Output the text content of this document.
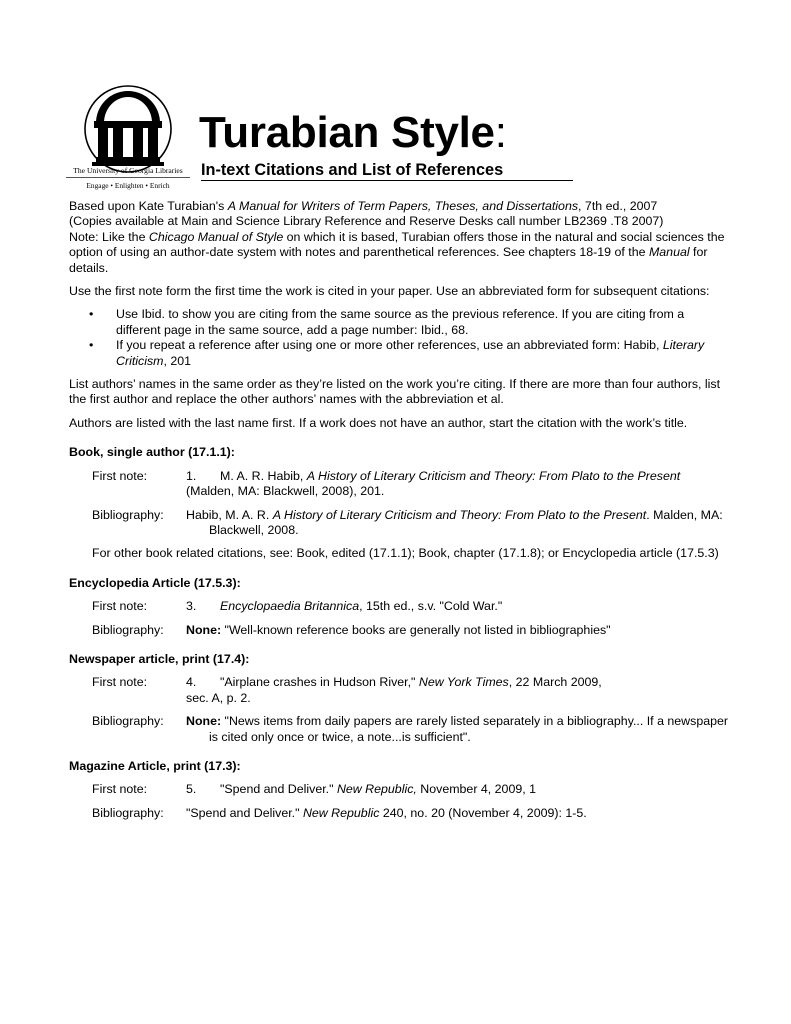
The University of Georgia Libraries
Engage • Enlighten • Enrich
Turabian Style:
In-text Citations and List of References

Based upon Kate Turabian's A Manual for Writers of Term Papers, Theses, and Dissertations, 7th ed., 2007
(Copies available at Main and Science Library Reference and Reserve Desks call number LB2369 .T8 2007)
Note: Like the Chicago Manual of Style on which it is based, Turabian offers those in the natural and social sciences the option of using an author-date system with notes and parenthetical references. See chapters 18-19 of the Manual for details.

Use the first note form the first time the work is cited in your paper. Use an abbreviated form for subsequent citations:

• Use Ibid. to show you are citing from the same source as the previous reference. If you are citing from a different page in the same source, add a page number: Ibid., 68.
• If you repeat a reference after using one or more other references, use an abbreviated form: Habib, Literary Criticism, 201

List authors’ names in the same order as they’re listed on the work you’re citing. If there are more than four authors, list the first author and replace the other authors’ names with the abbreviation et al.

Authors are listed with the last name first. If a work does not have an author, start the citation with the work’s title.

Book, single author (17.1.1):
First note:	1. M. A. R. Habib, A History of Literary Criticism and Theory: From Plato to the Present (Malden, MA: Blackwell, 2008), 201.
Bibliography:	Habib, M. A. R. A History of Literary Criticism and Theory: From Plato to the Present. Malden, MA: Blackwell, 2008.

For other book related citations, see: Book, edited (17.1.1); Book, chapter (17.1.8); or Encyclopedia article (17.5.3)

Encyclopedia Article (17.5.3):
First note:	3. Encyclopaedia Britannica, 15th ed., s.v. "Cold War."
Bibliography:	None: "Well-known reference books are generally not listed in bibliographies"
Newspaper article, print (17.4):
First note:	4. "Airplane crashes in Hudson River," New York Times, 22 March 2009,
sec. A, p. 2.
Bibliography:	None: "News items from daily papers are rarely listed separately in a bibliography... If a newspaper is cited only once or twice, a note...is sufficient".
Magazine Article, print (17.3):
First note:	5. "Spend and Deliver." New Republic, November 4, 2009, 1
Bibliography:	"Spend and Deliver." New Republic 240, no. 20 (November 4, 2009): 1-5.
